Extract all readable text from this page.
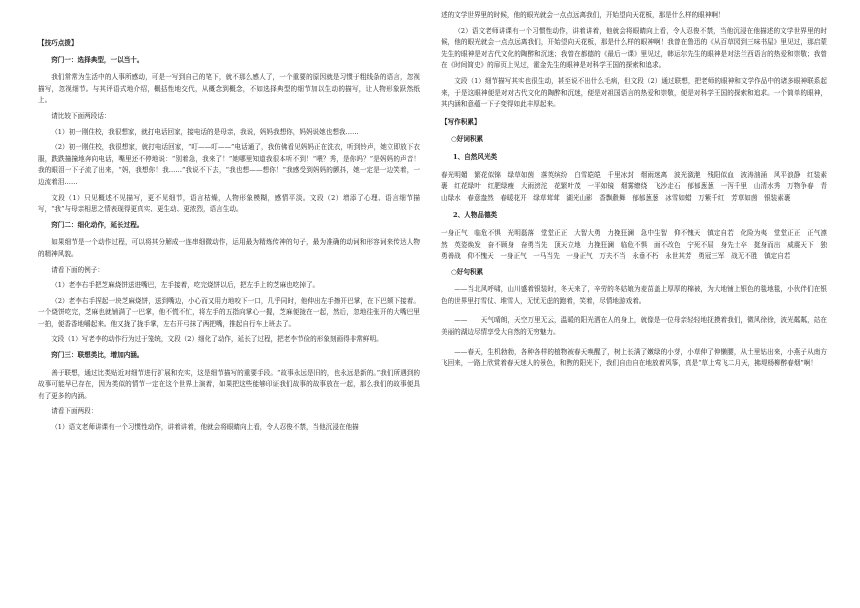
【技巧点拨】

窍门一：选择典型，一以当十。

我们常常为生活中的人事所感动，可是一写到自己的笔下，就不那么感人了，一个重要的原因就是习惯于粗线条的语言，忽视描写，忽视细节。与其评语式地介绍，概括性地交代，从概念到概念，不如选择典型的细节加以生动的描写，让人物形象跃然纸上。

请比较下面两段话：

（1）初一刚住校，我很想家，就打电话回家，接电话的是母亲，我说，妈妈我想你，妈妈说她也想我……

（2）初一刚住校，我很想家，就打电话回家，“叮——叮——”电话通了，我仿佛看见妈妈正在洗衣，听到铃声，她立即放下衣服，跌跌撞撞地奔向电话，嘴里还不停地说：“别着急，我来了！”她哪里知道我很本听不到！“喂？秀，是你吗？”是妈妈的声音！我的眼泪一下子流了出来，“妈，我想你！我……”我说不下去，“我也想——想你！”我感受到妈妈的颤抖，她一定是一边笑着，一边流着泪……

文段（1）只见概述不见描写，更不见细节，语言枯燥，人物形象模糊，感情平淡。文段（2）增添了心理、语言细节描写，“我”与母亲相思之情表现得更真实、更生动、更浓烈，语言生动。

窍门二：细化动作，延长过程。

如果细节是一个动作过程，可以将其分解成一连串细微动作，运用最为精炼传神的句子，最为准确的动词和形容词来传达人物的精神风貌。

请看下面的例子：

（1）老李右手把芝麻烧饼送进嘴巴，左手接着，吃完烧饼以后，把左手上的芝麻也吃掉了。

（2）老李右手捏起一块芝麻烧饼，送到嘴边，小心而又用力地咬下一口，几乎同时，他伸出左手擦开巴掌，在下巴颏下接着。一个烧饼吃完，芝麻也就铺满了一巴掌，他不慌不忙，将左手的五指向掌心一握，芝麻便拢在一起，然后，忽地往张开的大嘴巴里一拍，便香香地嚼起来。他又拢了拢手掌，左右开弓抹了两把嘴，推起自行车上班去了。

文段（1）写老李的动作行为过于笼统，文段（2）细化了动作，延长了过程，把老李节俭的形象刻画得非常鲜明。

窍门三：联想类比，增加内涵。

善于联想，通过比类贴近对细节进行扩展和充实，这是细节描写的重要手段。“故事永远是旧的，也永远是新的。”我们所遇到的故事可能早已存在，因为类似的情节一定在这个世界上演着，如果把这些能够印证我们故事的故事放在一起，那么我们的故事便具有了更多的内涵。

请看下面两段：

（1）语文老师讲课有一个习惯性动作，讲着讲着，他就会将眼睛向上看，令人忍俊不禁，当他沉浸在他描

述的文学世界里的时候，他的眼光就会一点点远离我们，开始望向天花板，那是什么样的眼神啊！

（2）语文老师讲课有一个习惯性动作，讲着讲着，他就会将眼睛向上看，令人忍俊不禁，当他沉浸在他描述的文学世界里的时候，他的眼光就会一点点远离我们，开始望向天花板，那是什么样的眼神啊！我曾在鲁迅的《从百草园到三味书屋》里见过，那启蒙先生的眼神是对古代文化的陶醉和沉迷；我曾在都德的《最后一课》里见过，韩运尔先生的眼神是对法兰西语言的热爱和崇敬；我曾在《时间简史》的扉页上见过，霍金先生的眼神是对科学王国的探索和追求。

文段（1）细节描写其实也很生动，甚至说不出什么毛病，但文段（2）通过联想，把老师的眼神和文学作品中的诸多眼神联系起来，于是这眼神便是对对古代文化的陶醉和沉迷，便是对祖国语言的热爱和崇敬，便是对科学王国的探索和追求。一个简单的眼神，其内涵和意蕴一下子变得如此丰厚起来。

【写作积累】

○好词积累

1、自然风光类

春光明媚　繁花似锦　绿草如茵　落英缤纷　白雪皑皑　千里冰封　烟雨迷离　波光潋滟　残阳似血　波涛汹涌　风平浪静　红装素裹　红花绿叶　红肥绿瘦　大雨滂沱　花繁叶茂　一平如镜　烟雾缭绕　飞沙走石　郁郁葱葱　一泻千里　山清水秀　万物争春　青山绿水　春意盎然　春暖花开　绿草茸茸　湖光山影　香飘縠舞　郁郁葱葱　冰雪如蜡　万紫千红　芳草如茵　银装素裹

2、人物品德类

一身正气　临危不惧　光明磊落　堂堂正正　大智大勇　力挽狂澜　急中生智　仰不愧天　镇定自若　化险为夷　堂堂正正　正气凛然　英姿焕发　奋不顾身　奋勇当先　顶天立地　力挽狂澜　临危不惧　面不改色　宁死不屈　身先士卒　挺身而出　威震天下　独勇善战　仰不愧天　一身正气　一马当先　一身正气　万夫不当　永垂不朽　永世其芳　勇冠三军　战无不胜　镇定自若

○好句积累

——当北风呼啸，山川盛着银装时，冬天来了，辛劳的冬姑娘为麦苗盖上厚厚的棉被，为大地铺上银色的毯地毯，小伙伴们在银色的世界里打雪仗、堆雪人，无忧无虑的跑着，笑着，尽情地游戏着。

——　　天气晴朗，天空万里无云，温暖的阳光洒在人的身上，就像是一位母亲轻轻地抚摸着我们，微风徐徐，波光粼粼，站在美丽的湖边尽情享受大自然的无穷魅力。

——春天，生机勃勃，各种各样的植物被春天唤醒了，树上长满了嫩绿的小芽，小草伸了伸懒腰，从土里钻出来，小燕子从南方飞回来，一路上欣赏着春天迷人的景色，和煦的阳光下，我们自由自在地放着风筝，真是“草上莺飞二月天，拂堤杨柳醉春烟”啊！
